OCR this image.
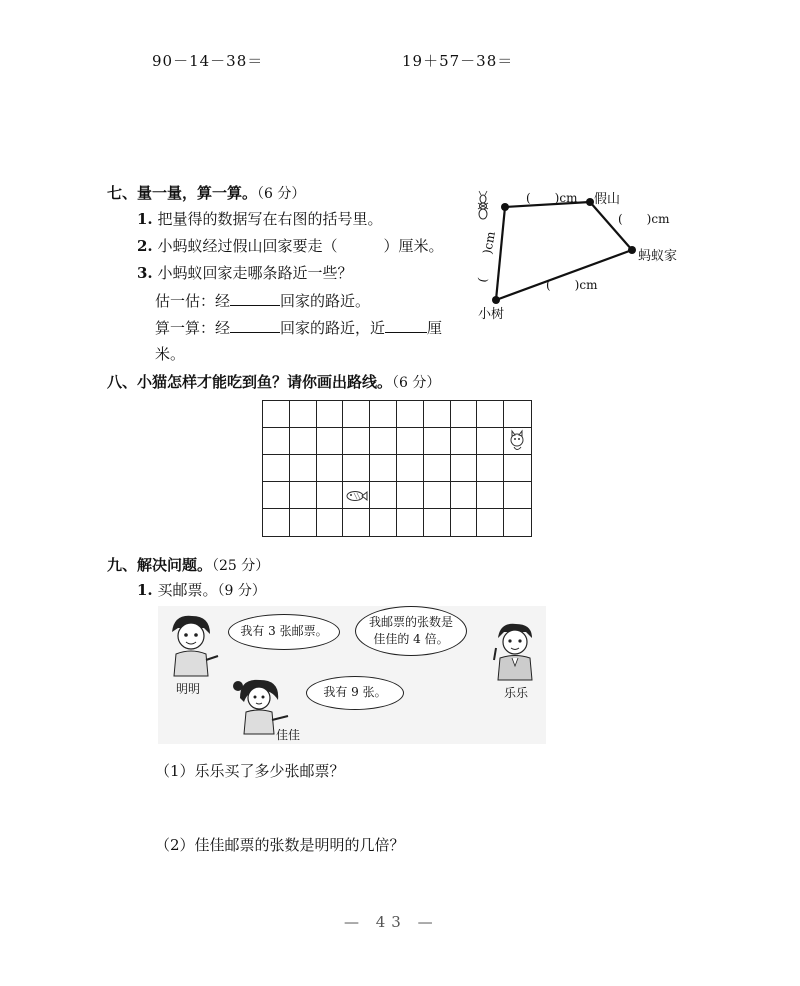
90－14－38＝	19＋57－38＝
七、量一量，算一算。（6 分）
1. 把量得的数据写在右图的括号里。
2. 小蚂蚁经过假山回家要走（	）厘米。
3. 小蚂蚁回家走哪条路近一些？
估一估：经	回家的路近。
算一算：经	回家的路近，近	厘
米。
假山
蚂蚁家
小树
(　　)cm
(　　)cm
(　　)cm
(　　)cm
八、小猫怎样才能吃到鱼？请你画出路线。（6 分）
九、解决问题。（25 分）
1. 买邮票。（9 分）
明明
我有 3 张邮票。
我邮票的张数是佳佳的 4 倍。
乐乐
佳佳
我有 9 张。
（1）乐乐买了多少张邮票？
（2）佳佳邮票的张数是明明的几倍？
— 43 —
